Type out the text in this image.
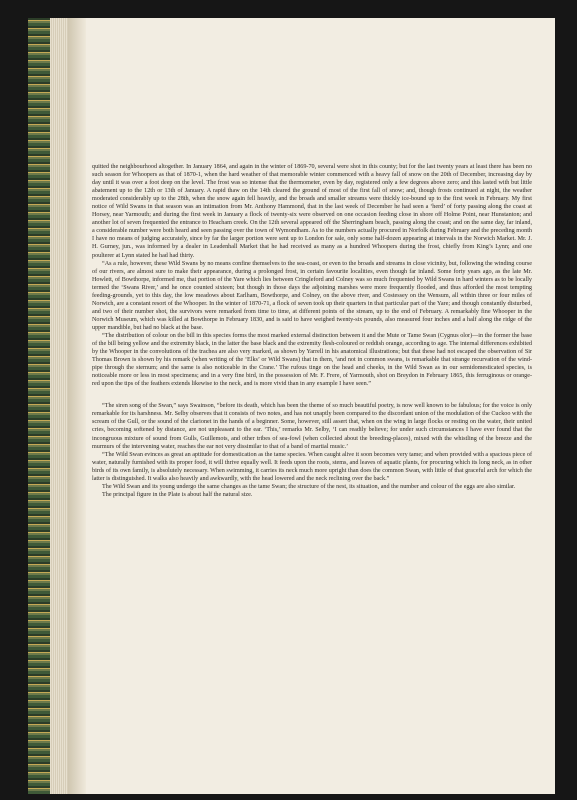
quitted the neighbourhood altogether. In January 1864, and again in the winter of 1869-70, several were shot in this county; but for the last twenty years at least there has been no such season for Whoopers as that of 1870-1, when the hard weather of that memorable winter commenced with a heavy fall of snow on the 20th of December, increasing day by day until it was over a foot deep on the level. The frost was so intense that the thermometer, even by day, registered only a few degrees above zero; and this lasted with but little abatement up to the 12th or 13th of January. A rapid thaw on the 14th cleared the ground of most of the first fall of snow; and, though frosts continued at night, the weather moderated considerably up to the 28th, when the snow again fell heavily, and the broads and smaller streams were thickly ice-bound up to the first week in February. My first notice of Wild Swans in that season was an intimation from Mr. Anthony Hammond, that in the last week of December he had seen a ‘herd’ of forty passing along the coast at Horsey, near Yarmouth; and during the first week in January a flock of twenty-six were observed on one occasion feeding close in shore off Holme Point, near Hunstanton; and another lot of seven frequented the entrance to Heacham creek. On the 12th several appeared off the Sherringham beach, passing along the coast; and on the same day, far inland, a considerable number were both heard and seen passing over the town of Wymondham. As to the numbers actually procured in Norfolk during February and the preceding month I have no means of judging accurately, since by far the larger portion were sent up to London for sale, only some half-dozen appearing at intervals in the Norwich Market. Mr. J. H. Gurney, jun., was informed by a dealer in Leadenhall Market that he had received as many as a hundred Whoopers during the frost, chiefly from King’s Lynn; and one poulterer at Lynn stated he had had thirty.

“As a rule, however, these Wild Swans by no means confine themselves to the sea-coast, or even to the broads and streams in close vicinity, but, following the winding course of our rivers, are almost sure to make their appearance, during a prolonged frost, in certain favourite localities, even though far inland. Some forty years ago, as the late Mr. Howlett, of Bowthorpe, informed me, that portion of the Yare which lies between Cringleford and Colney was so much frequented by Wild Swans in hard winters as to be locally termed the ‘Swans River,’ and he once counted sixteen; but though in those days the adjoining marshes were more frequently flooded, and thus afforded the most tempting feeding-grounds, yet to this day, the low meadows about Earlham, Bowthorpe, and Colney, on the above river, and Costessey on the Wensum, all within three or four miles of Norwich, are a constant resort of the Whooper. In the winter of 1870-71, a flock of seven took up their quarters in that particular part of the Yare; and though constantly disturbed, and two of their number shot, the survivors were remarked from time to time, at different points of the stream, up to the end of February. A remarkably fine Whooper in the Norwich Museum, which was killed at Bowthorpe in February 1830, and is said to have weighed twenty-six pounds, also measured four inches and a half along the ridge of the upper mandible, but had no black at the base.

“The distribution of colour on the bill in this species forms the most marked external distinction between it and the Mute or Tame Swan (Cygnus olor)—in the former the base of the bill being yellow and the extremity black, in the latter the base black and the extremity flesh-coloured or reddish orange, according to age. The internal differences exhibited by the Whooper in the convolutions of the trachea are also very marked, as shown by Yarrell in his anatomical illustrations; but that these had not escaped the observation of Sir Thomas Brown is shown by his remark (when writing of the ‘Elks’ or Wild Swans) that in them, ‘and not in common swans, is remarkable that strange recurvation of the wind-pipe through the sternum; and the same is also noticeable in the Crane.’ The rufous tinge on the head and cheeks, in the Wild Swan as in our semidomesticated species, is noticeable more or less in most specimens; and in a very fine bird, in the possession of Mr. F. Frere, of Yarmouth, shot on Breydon in February 1865, this ferruginous or orange-red upon the tips of the feathers extends likewise to the neck, and is more vivid than in any example I have seen.”

“The siren song of the Swan,” says Swainson, “before its death, which has been the theme of so much beautiful poetry, is now well known to be fabulous; for the voice is only remarkable for its harshness. Mr. Selby observes that it consists of two notes, and has not unaptly been compared to the discordant union of the modulation of the Cuckoo with the scream of the Gull, or the sound of the clarionet in the hands of a beginner. Some, however, still assert that, when on the wing in large flocks or resting on the water, their united cries, becoming softened by distance, are not unpleasant to the ear. ‘This,’ remarks Mr. Selby, ‘I can readily believe; for under such circumstances I have ever found that the incongruous mixture of sound from Gulls, Guillemots, and other tribes of sea-fowl (when collected about the breeding-places), mixed with the whistling of the breeze and the murmurs of the intervening water, reaches the ear not very dissimilar to that of a band of martial music.’

“The Wild Swan evinces as great an aptitude for domestication as the tame species. When caught alive it soon becomes very tame; and when provided with a spacious piece of water, naturally furnished with its proper food, it will thrive equally well. It feeds upon the roots, stems, and leaves of aquatic plants, for procuring which its long neck, as in other birds of its own family, is absolutely necessary. When swimming, it carries its neck much more upright than does the common Swan, with little of that graceful arch for which the latter is distinguished. It walks also heavily and awkwardly, with the head lowered and the neck reclining over the back.”

The Wild Swan and its young undergo the same changes as the tame Swan; the structure of the nest, its situation, and the number and colour of the eggs are also similar.

The principal figure in the Plate is about half the natural size.
